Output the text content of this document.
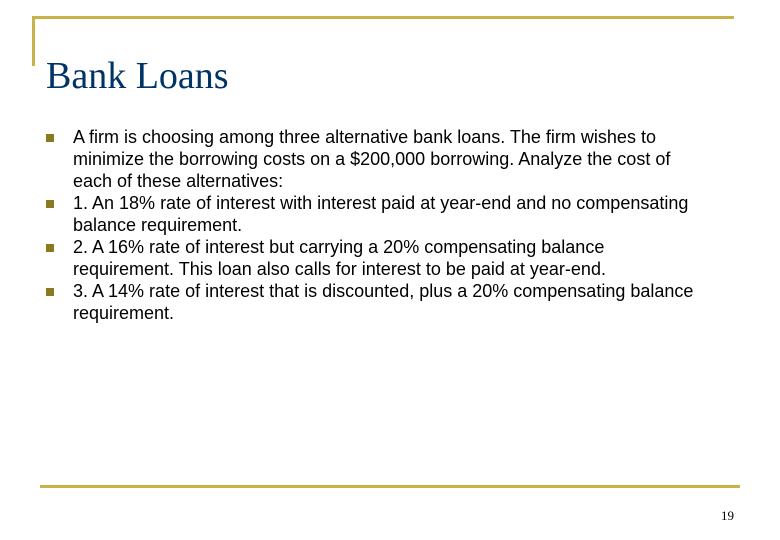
Bank Loans
A firm is choosing among three alternative bank loans. The firm wishes to minimize the borrowing costs on a $200,000 borrowing. Analyze the cost of each of these alternatives:
1. An 18% rate of interest with interest paid at year-end and no compensating balance requirement.
2. A 16% rate of interest but carrying a 20% compensating balance requirement. This loan also calls for interest to be paid at year-end.
3. A 14% rate of interest that is discounted, plus a 20% compensating balance requirement.
19
